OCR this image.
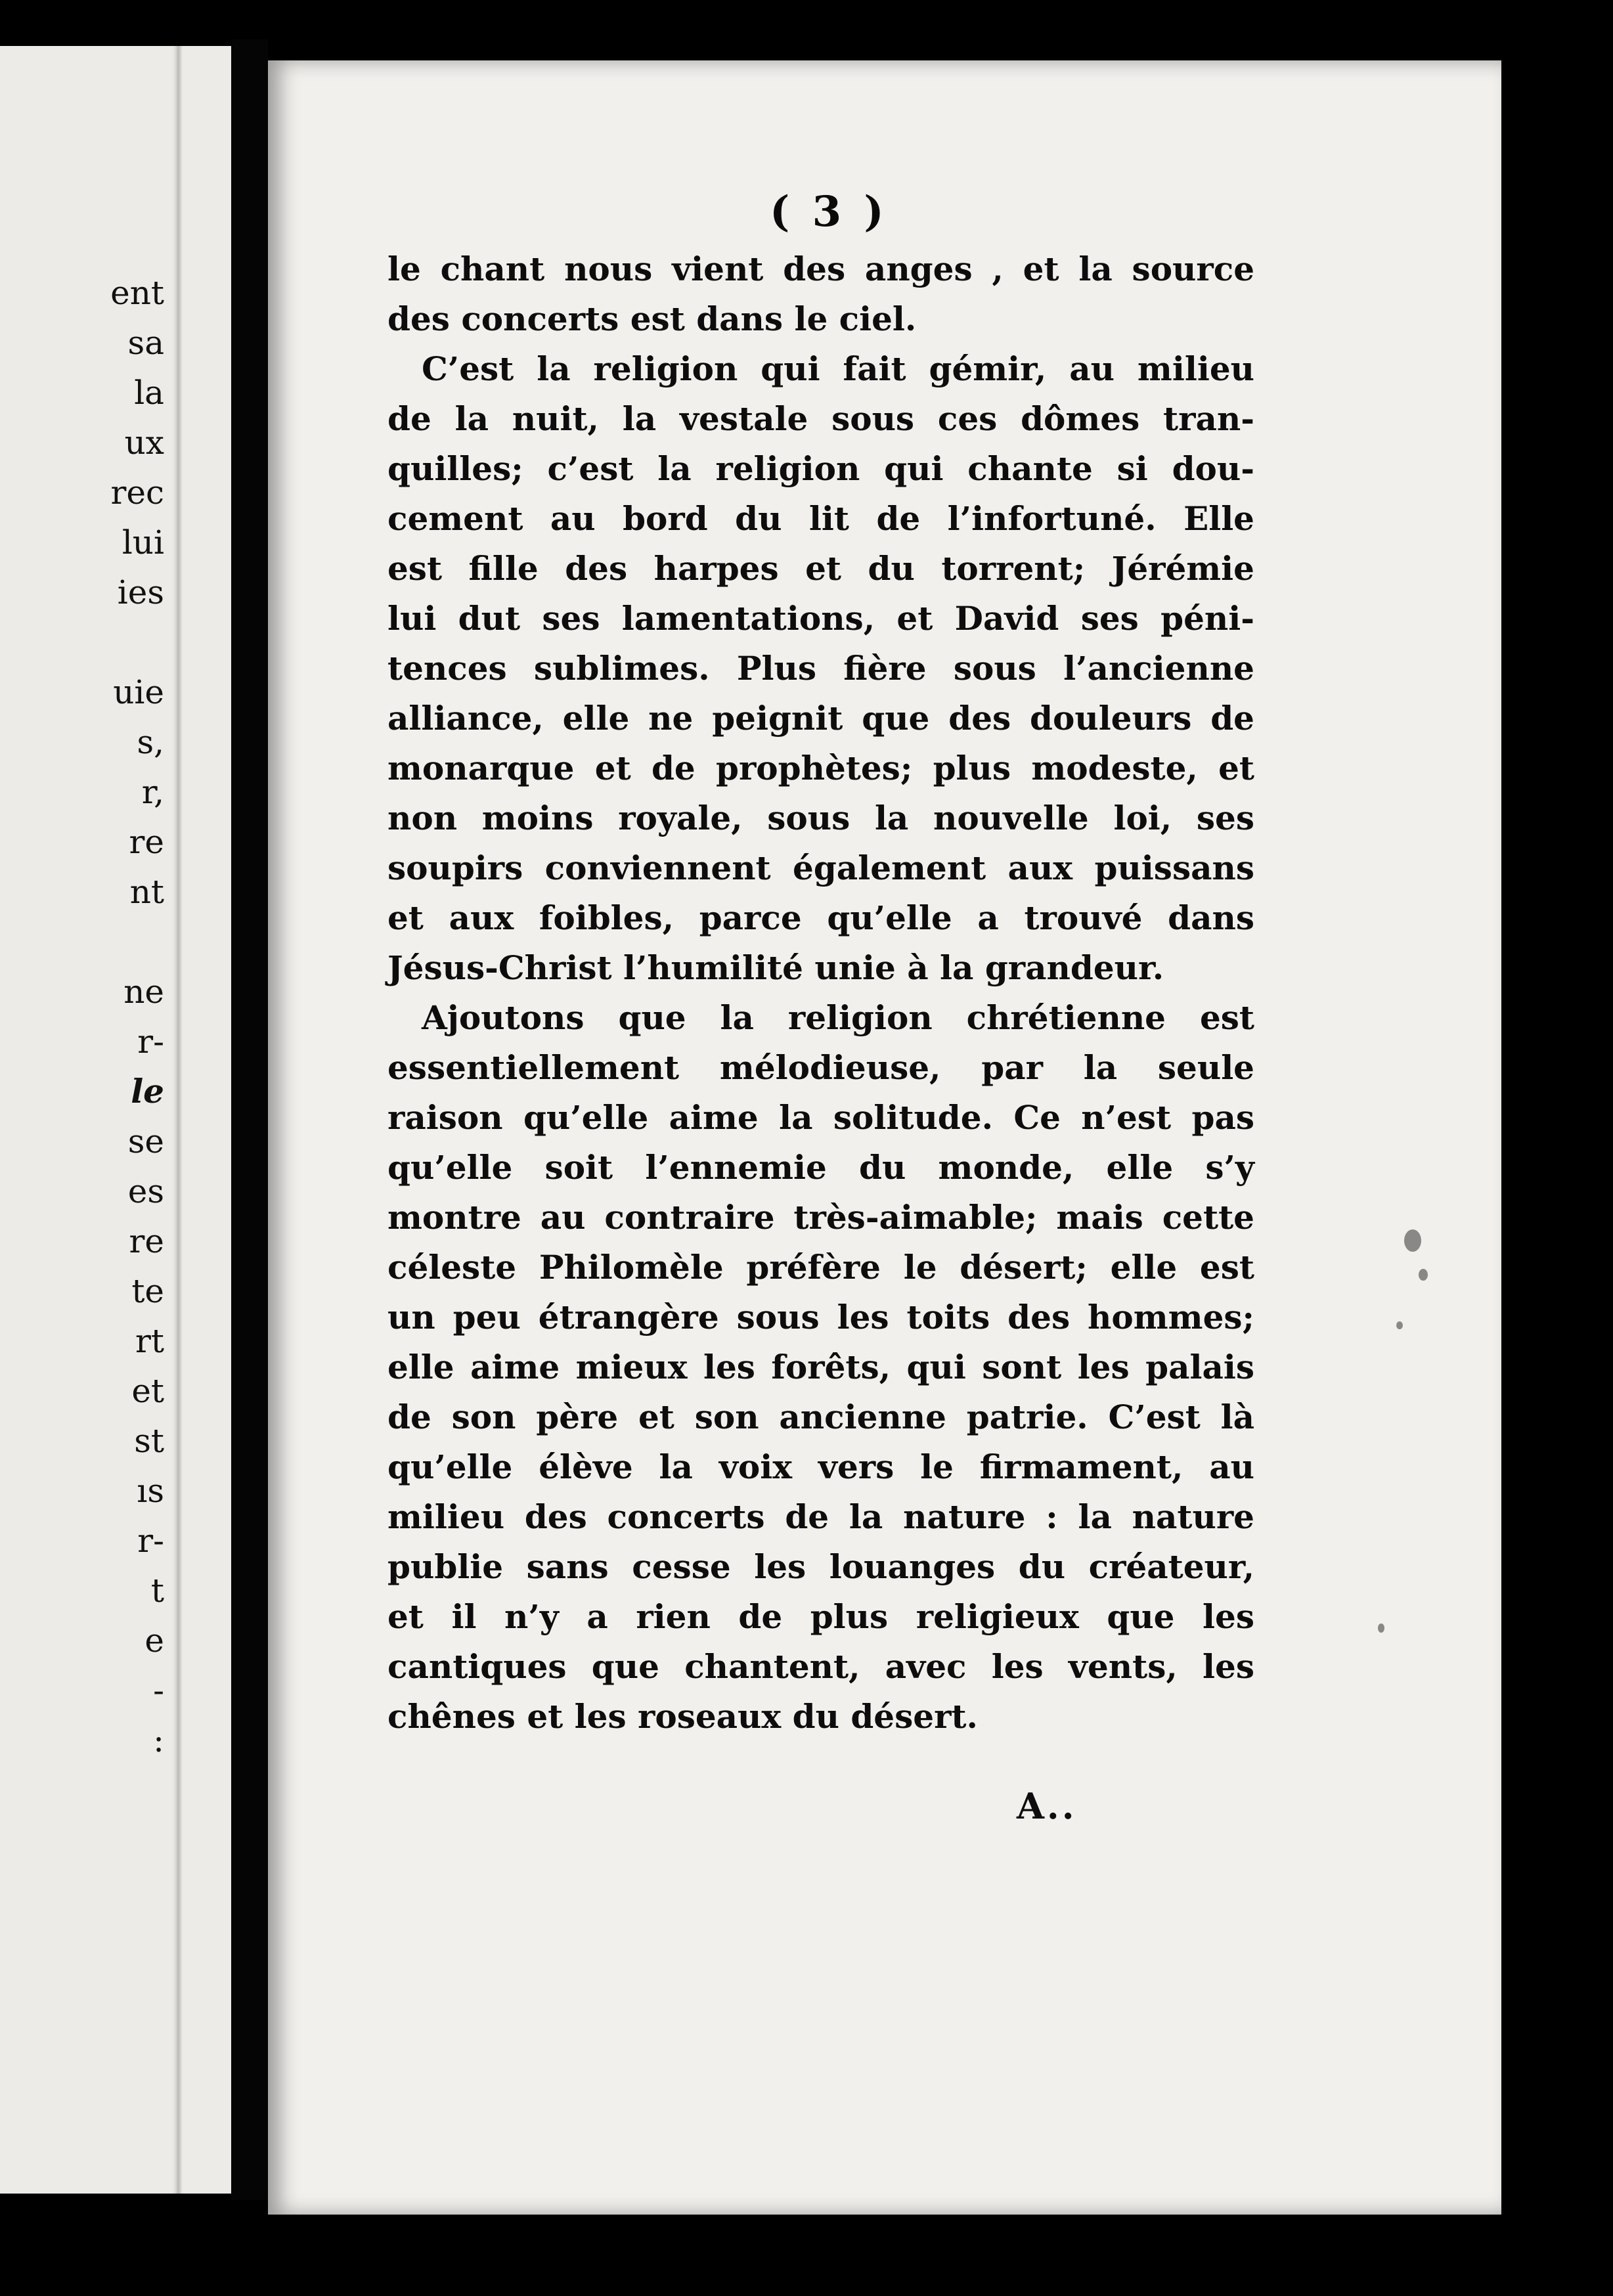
ent
sa
la
ux
rec
lui
ies
uie
s,
r,
re
nt
ne
r-
le
se
es
re
te
rt
et
st
ıs
r-
t
e
-
:
( 3 )
le chant nous vient des anges , et la source
des concerts est dans le ciel.
C’est la religion qui fait gémir, au milieu
de la nuit, la vestale sous ces dômes tran-
quilles; c’est la religion qui chante si dou-
cement au bord du lit de l’infortuné. Elle
est fille des harpes et du torrent; Jérémie
lui dut ses lamentations, et David ses péni-
tences sublimes. Plus fière sous l’ancienne
alliance, elle ne peignit que des douleurs de
monarque et de prophètes; plus modeste, et
non moins royale, sous la nouvelle loi, ses
soupirs conviennent également aux puissans
et aux foibles, parce qu’elle a trouvé dans
Jésus-Christ l’humilité unie à la grandeur.
Ajoutons que la religion chrétienne est
essentiellement mélodieuse, par la seule
raison qu’elle aime la solitude. Ce n’est pas
qu’elle soit l’ennemie du monde, elle s’y
montre au contraire très-aimable; mais cette
céleste Philomèle préfère le désert; elle est
un peu étrangère sous les toits des hommes;
elle aime mieux les forêts, qui sont les palais
de son père et son ancienne patrie. C’est là
qu’elle élève la voix vers le firmament, au
milieu des concerts de la nature : la nature
publie sans cesse les louanges du créateur,
et il n’y a rien de plus religieux que les
cantiques que chantent, avec les vents, les
chênes et les roseaux du désert.
A..
